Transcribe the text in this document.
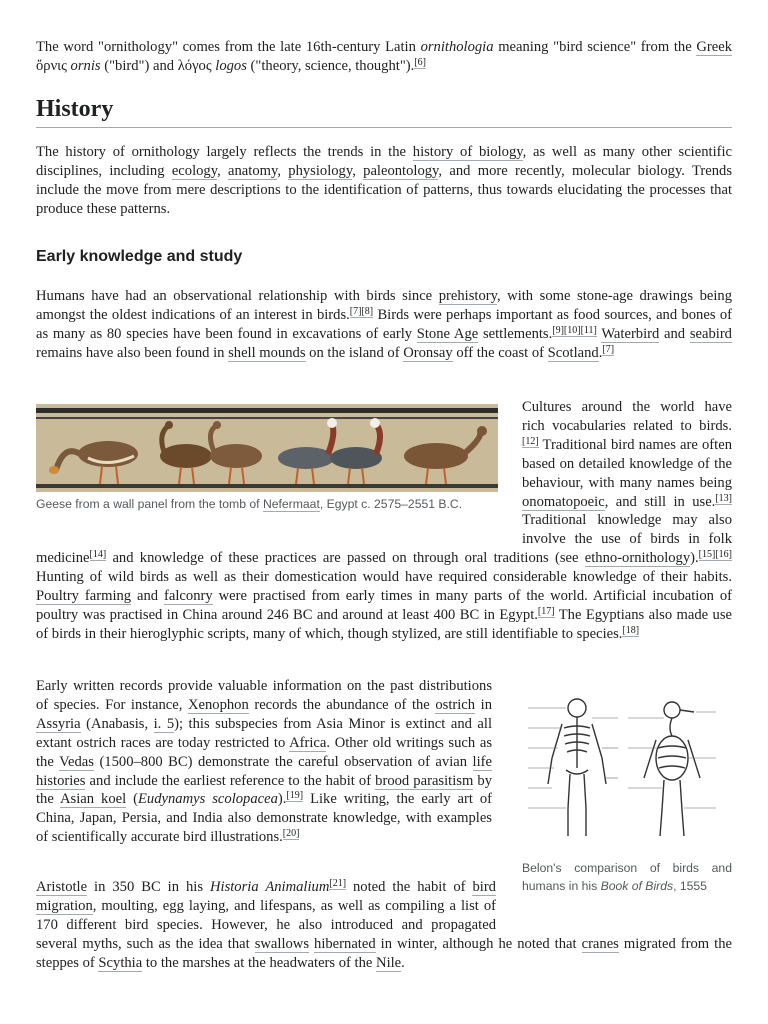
The word "ornithology" comes from the late 16th-century Latin ornithologia meaning "bird science" from the Greek ὄρνις ornis ("bird") and λόγος logos ("theory, science, thought").[6]

History

The history of ornithology largely reflects the trends in the history of biology, as well as many other scientific disciplines, including ecology, anatomy, physiology, paleontology, and more recently, molecular biology. Trends include the move from mere descriptions to the identification of patterns, thus towards elucidating the processes that produce these patterns.

Early knowledge and study

Humans have had an observational relationship with birds since prehistory, with some stone-age drawings being amongst the oldest indications of an interest in birds.[7][8] Birds were perhaps important as food sources, and bones of as many as 80 species have been found in excavations of early Stone Age settlements.[9][10][11] Waterbird and seabird remains have also been found in shell mounds on the island of Oronsay off the coast of Scotland.[7]

Geese from a wall panel from the tomb of Nefermaat, Egypt c. 2575–2551 B.C.

Cultures around the world have rich vocabularies related to birds.[12] Traditional bird names are often based on detailed knowledge of the behaviour, with many names being onomatopoeic, and still in use.[13] Traditional knowledge may also involve the use of birds in folk medicine[14] and knowledge of these practices are passed on through oral traditions (see ethno-ornithology).[15][16] Hunting of wild birds as well as their domestication would have required considerable knowledge of their habits. Poultry farming and falconry were practised from early times in many parts of the world. Artificial incubation of poultry was practised in China around 246 BC and around at least 400 BC in Egypt.[17] The Egyptians also made use of birds in their hieroglyphic scripts, many of which, though stylized, are still identifiable to species.[18]

Belon's comparison of birds and humans in his Book of Birds, 1555

Early written records provide valuable information on the past distributions of species. For instance, Xenophon records the abundance of the ostrich in Assyria (Anabasis, i. 5); this subspecies from Asia Minor is extinct and all extant ostrich races are today restricted to Africa. Other old writings such as the Vedas (1500–800 BC) demonstrate the careful observation of avian life histories and include the earliest reference to the habit of brood parasitism by the Asian koel (Eudynamys scolopacea).[19] Like writing, the early art of China, Japan, Persia, and India also demonstrate knowledge, with examples of scientifically accurate bird illustrations.[20]

Aristotle in 350 BC in his Historia Animalium[21] noted the habit of bird migration, moulting, egg laying, and lifespans, as well as compiling a list of 170 different bird species. However, he also introduced and propagated several myths, such as the idea that swallows hibernated in winter, although he noted that cranes migrated from the steppes of Scythia to the marshes at the headwaters of the Nile.
